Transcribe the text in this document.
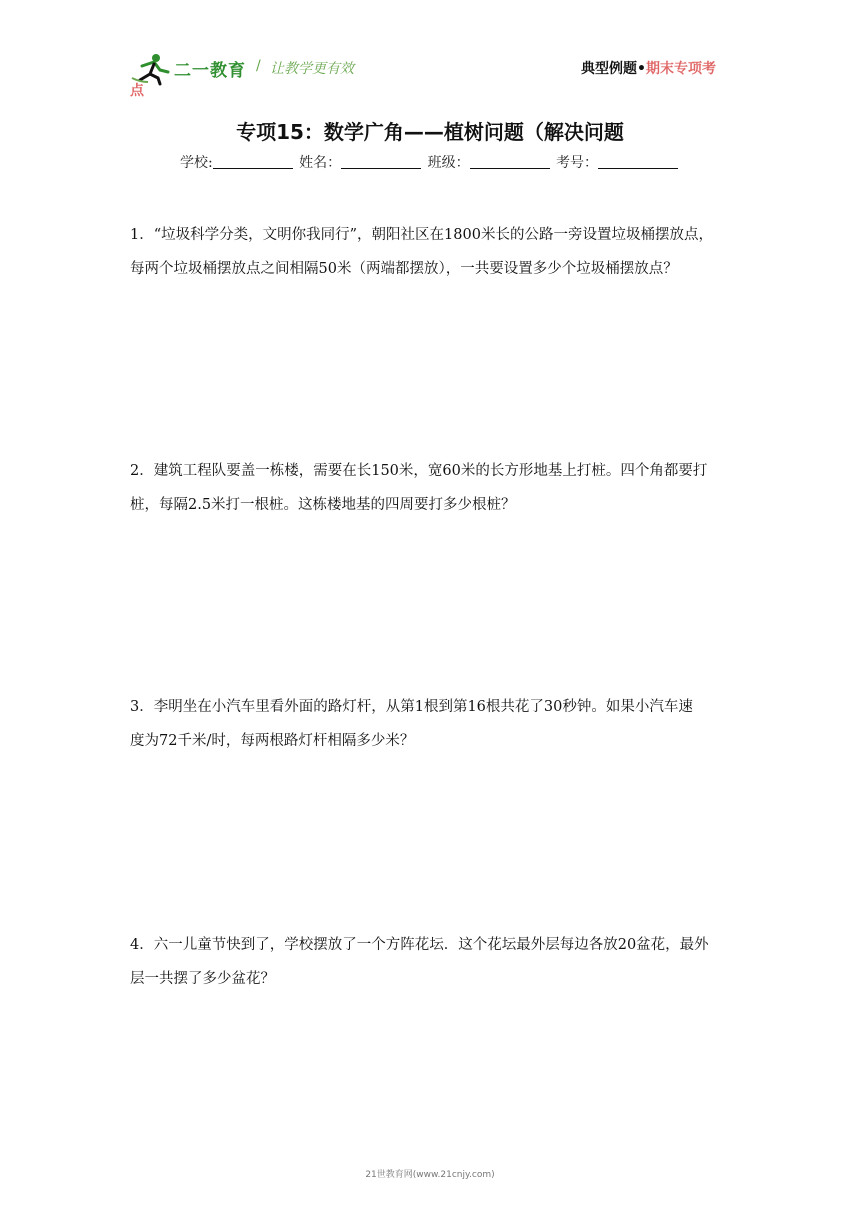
二一教育 / 让教学更有效	典型例题•期末专项考
点
专项15：数学广角——植树问题（解决问题
学校:	姓名：	班级：	考号：
1．“垃圾科学分类，文明你我同行”，朝阳社区在1800米长的公路一旁设置垃圾桶摆放点，
每两个垃圾桶摆放点之间相隔50米（两端都摆放），一共要设置多少个垃圾桶摆放点？
2．建筑工程队要盖一栋楼，需要在长150米，宽60米的长方形地基上打桩。四个角都要打
桩，每隔2.5米打一根桩。这栋楼地基的四周要打多少根桩？
3．李明坐在小汽车里看外面的路灯杆，从第1根到第16根共花了30秒钟。如果小汽车速
度为72千米/时，每两根路灯杆相隔多少米？
4．六一儿童节快到了，学校摆放了一个方阵花坛．这个花坛最外层每边各放20盆花，最外
层一共摆了多少盆花？
21世教育网(www.21cnjy.com)
